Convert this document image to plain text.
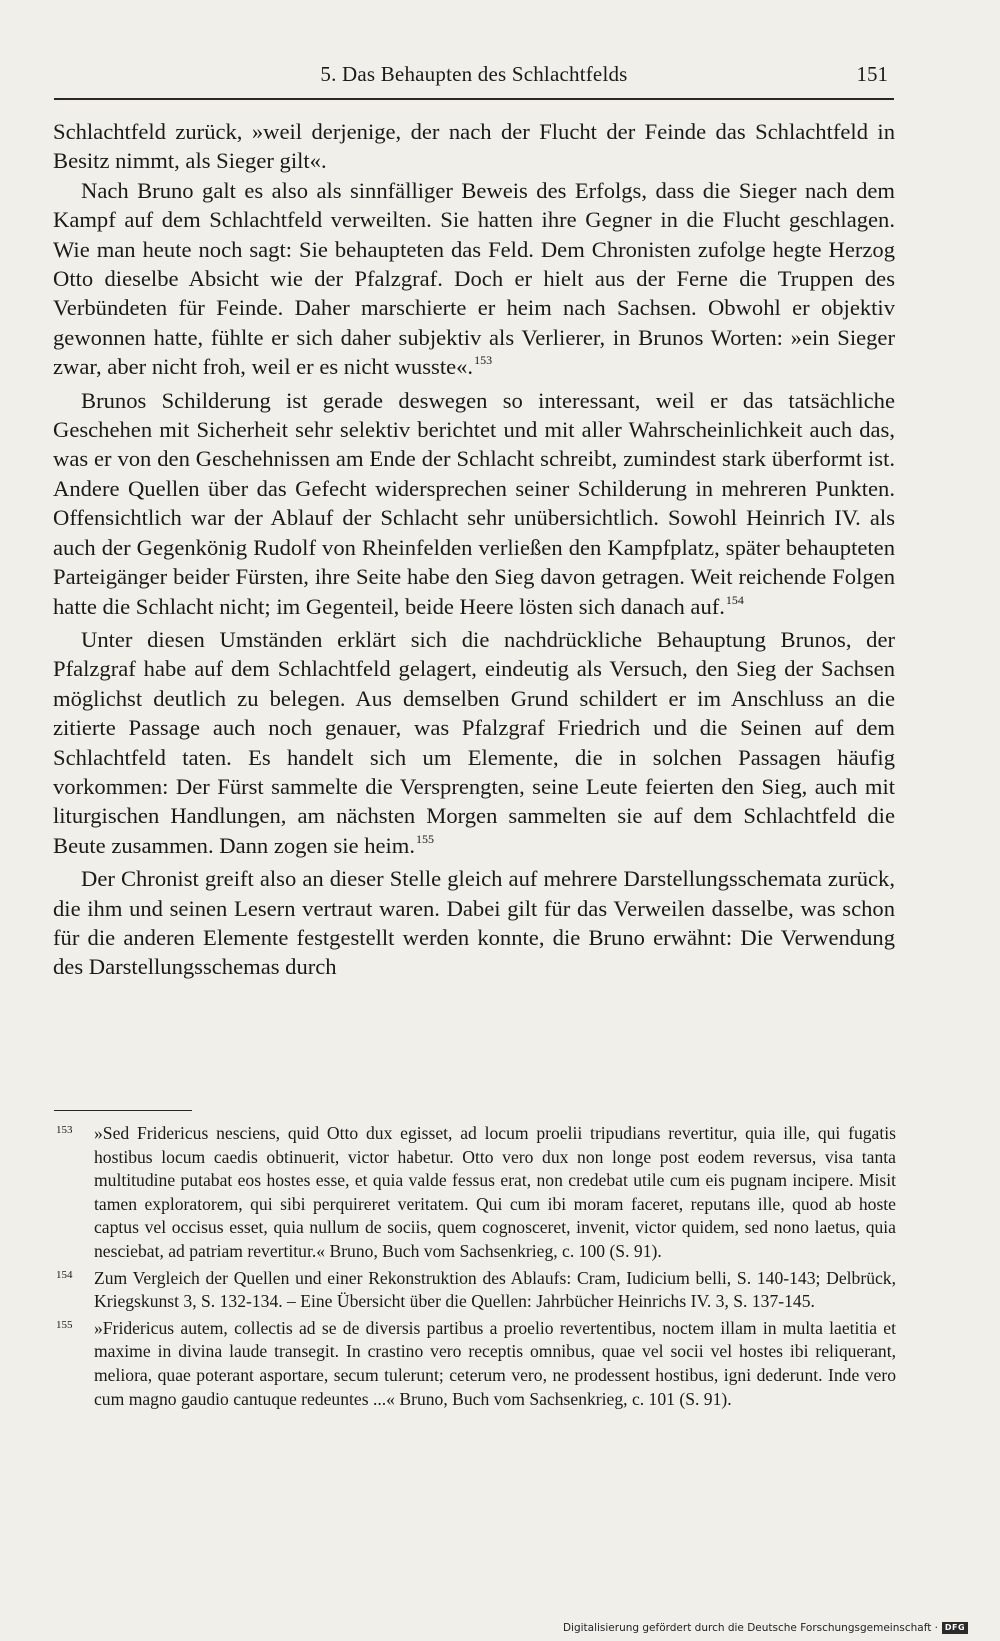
5. Das Behaupten des Schlachtfelds	151

Schlachtfeld zurück, »weil derjenige, der nach der Flucht der Feinde das Schlachtfeld in Besitz nimmt, als Sieger gilt«.

Nach Bruno galt es also als sinnfälliger Beweis des Erfolgs, dass die Sieger nach dem Kampf auf dem Schlachtfeld verweilten. Sie hatten ihre Gegner in die Flucht geschlagen. Wie man heute noch sagt: Sie behaupteten das Feld. Dem Chronisten zufolge hegte Herzog Otto dieselbe Absicht wie der Pfalzgraf. Doch er hielt aus der Ferne die Truppen des Verbündeten für Feinde. Daher marschierte er heim nach Sachsen. Obwohl er objektiv gewonnen hatte, fühlte er sich daher subjektiv als Verlierer, in Brunos Worten: »ein Sieger zwar, aber nicht froh, weil er es nicht wusste«.$^{153}$

Brunos Schilderung ist gerade deswegen so interessant, weil er das tatsächliche Geschehen mit Sicherheit sehr selektiv berichtet und mit aller Wahrscheinlichkeit auch das, was er von den Geschehnissen am Ende der Schlacht schreibt, zumindest stark überformt ist. Andere Quellen über das Gefecht widersprechen seiner Schilderung in mehreren Punkten. Offensichtlich war der Ablauf der Schlacht sehr unübersichtlich. Sowohl Heinrich IV. als auch der Gegenkönig Rudolf von Rheinfelden verließen den Kampfplatz, später behaupteten Parteigänger beider Fürsten, ihre Seite habe den Sieg davon getragen. Weit reichende Folgen hatte die Schlacht nicht; im Gegenteil, beide Heere lösten sich danach auf.$^{154}$

Unter diesen Umständen erklärt sich die nachdrückliche Behauptung Brunos, der Pfalzgraf habe auf dem Schlachtfeld gelagert, eindeutig als Versuch, den Sieg der Sachsen möglichst deutlich zu belegen. Aus demselben Grund schildert er im Anschluss an die zitierte Passage auch noch genauer, was Pfalzgraf Friedrich und die Seinen auf dem Schlachtfeld taten. Es handelt sich um Elemente, die in solchen Passagen häufig vorkommen: Der Fürst sammelte die Versprengten, seine Leute feierten den Sieg, auch mit liturgischen Handlungen, am nächsten Morgen sammelten sie auf dem Schlachtfeld die Beute zusammen. Dann zogen sie heim.$^{155}$

Der Chronist greift also an dieser Stelle gleich auf mehrere Darstellungsschemata zurück, die ihm und seinen Lesern vertraut waren. Dabei gilt für das Verweilen dasselbe, was schon für die anderen Elemente festgestellt werden konnte, die Bruno erwähnt: Die Verwendung des Darstellungsschemas durch

153 »Sed Fridericus nesciens, quid Otto dux egisset, ad locum proelii tripudians revertitur, quia ille, qui fugatis hostibus locum caedis obtinuerit, victor habetur. Otto vero dux non longe post eodem reversus, visa tanta multitudine putabat eos hostes esse, et quia valde fessus erat, non credebat utile cum eis pugnam incipere. Misit tamen exploratorem, qui sibi perquireret veritatem. Qui cum ibi moram faceret, reputans ille, quod ab hoste captus vel occisus esset, quia nullum de sociis, quem cognosceret, invenit, victor quidem, sed nono laetus, quia nesciebat, ad patriam revertitur.« Bruno, Buch vom Sachsenkrieg, c. 100 (S. 91).
154 Zum Vergleich der Quellen und einer Rekonstruktion des Ablaufs: Cram, Iudicium belli, S. 140-143; Delbrück, Kriegskunst 3, S. 132-134. – Eine Übersicht über die Quellen: Jahrbücher Heinrichs IV. 3, S. 137-145.
155 »Fridericus autem, collectis ad se de diversis partibus a proelio revertentibus, noctem illam in multa laetitia et maxime in divina laude transegit. In crastino vero receptis omnibus, quae vel socii vel hostes ibi reliquerant, meliora, quae poterant asportare, secum tulerunt; ceterum vero, ne prodessent hostibus, igni dederunt. Inde vero cum magno gaudio cantuque redeuntes ...« Bruno, Buch vom Sachsenkrieg, c. 101 (S. 91).
Digitalisierung gefördert durch die Deutsche Forschungsgemeinschaft · DFG
